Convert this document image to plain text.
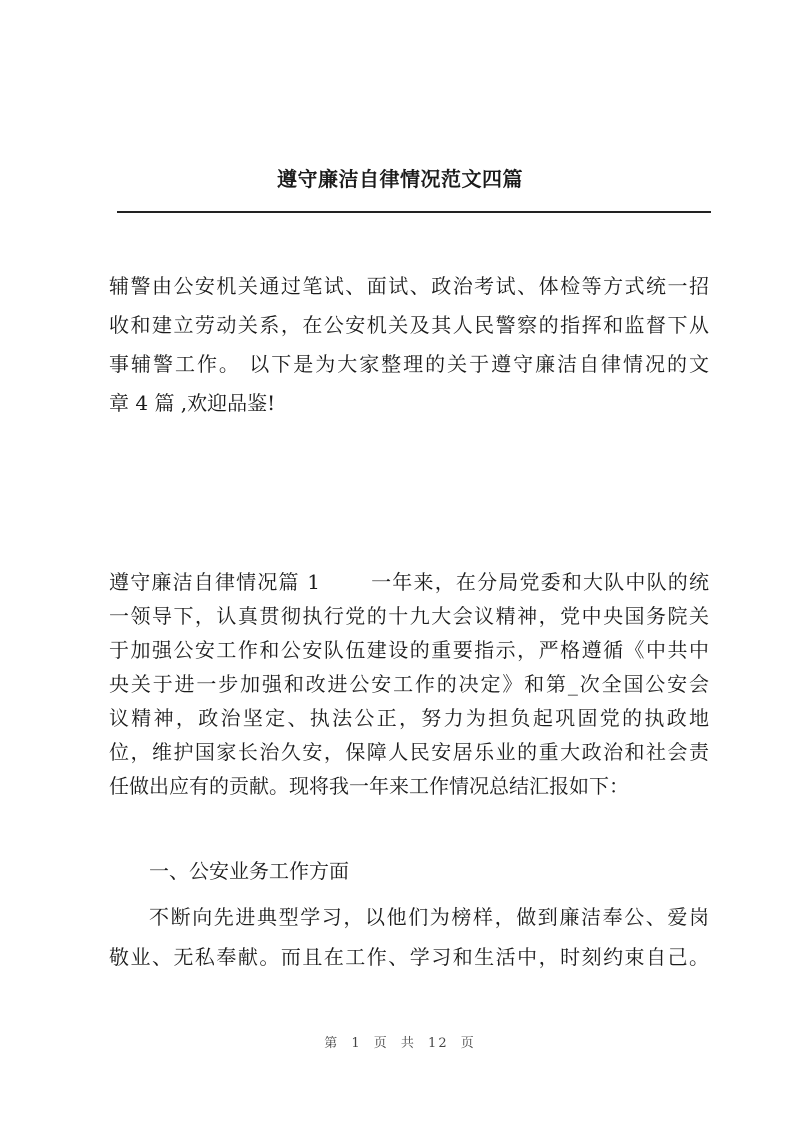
遵守廉洁自律情况范文四篇
辅警由公安机关通过笔试、面试、政治考试、体检等方式统一招
收和建立劳动关系，在公安机关及其人民警察的指挥和监督下从
事辅警工作。 以下是为大家整理的关于遵守廉洁自律情况的文
章 4 篇 ,欢迎品鉴!
遵守廉洁自律情况篇 1　　 一年来，在分局党委和大队中队的统
一领导下，认真贯彻执行党的十九大会议精神，党中央国务院关
于加强公安工作和公安队伍建设的重要指示，严格遵循《中共中
央关于进一步加强和改进公安工作的决定》和第_次全国公安会
议精神，政治坚定、执法公正，努力为担负起巩固党的执政地
位，维护国家长治久安，保障人民安居乐业的重大政治和社会责
任做出应有的贡献。现将我一年来工作情况总结汇报如下：
一、公安业务工作方面
不断向先进典型学习，以他们为榜样，做到廉洁奉公、爱岗
敬业、无私奉献。而且在工作、学习和生活中，时刻约束自己。
第 1 页 共 12 页
